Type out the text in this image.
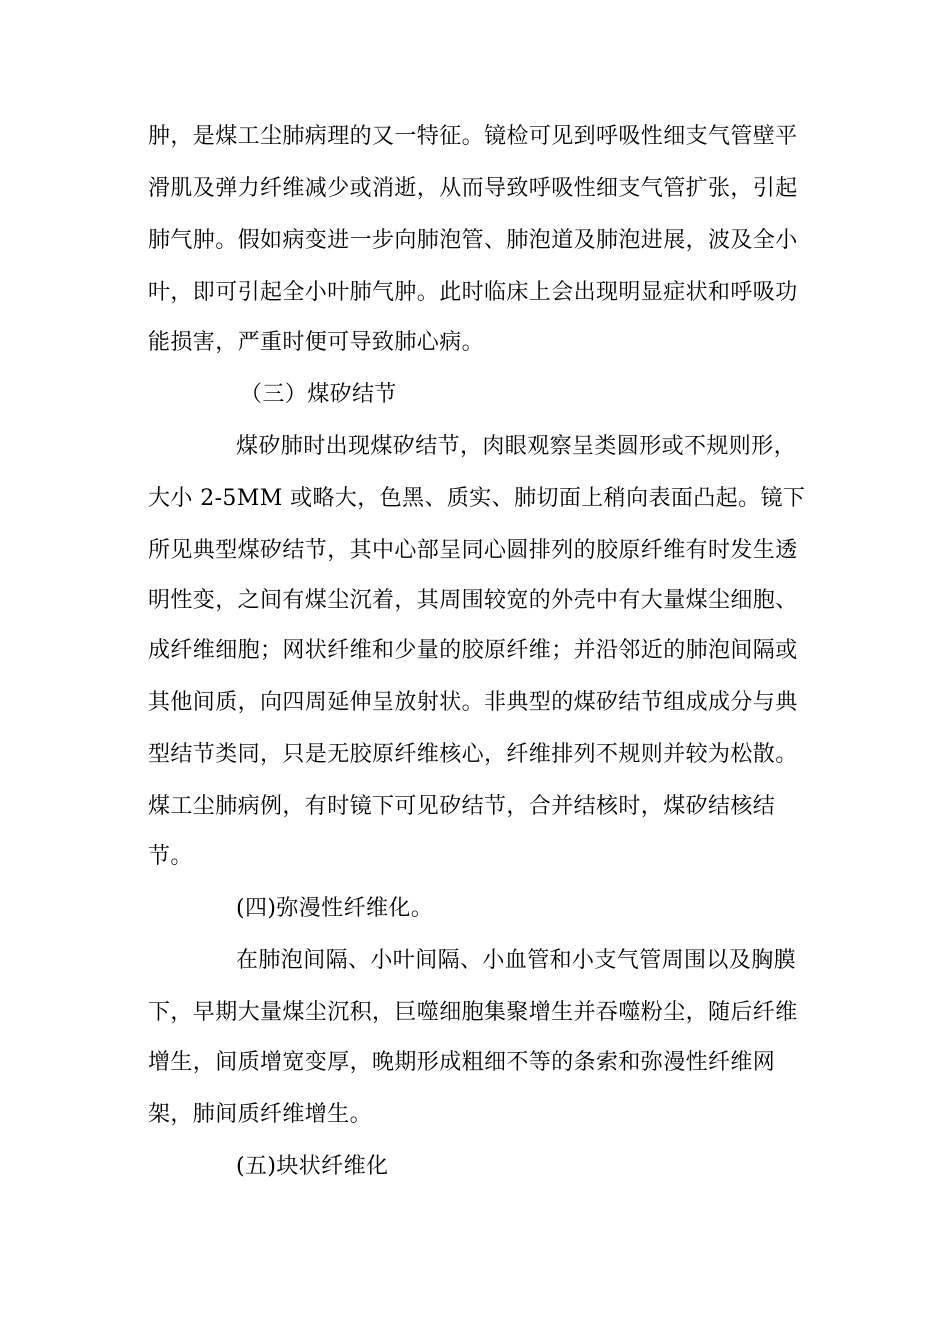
肿，是煤工尘肺病理的又一特征。镜检可见到呼吸性细支气管壁平
滑肌及弹力纤维减少或消逝，从而导致呼吸性细支气管扩张，引起
肺气肿。假如病变进一步向肺泡管、肺泡道及肺泡进展，波及全小
叶，即可引起全小叶肺气肿。此时临床上会出现明显症状和呼吸功
能损害，严重时便可导致肺心病。
（三）煤矽结节
煤矽肺时出现煤矽结节，肉眼观察呈类圆形或不规则形，
大小 2-5MM 或略大，色黑、质实、肺切面上稍向表面凸起。镜下
所见典型煤矽结节，其中心部呈同心圆排列的胶原纤维有时发生透
明性变，之间有煤尘沉着，其周围较宽的外壳中有大量煤尘细胞、
成纤维细胞；网状纤维和少量的胶原纤维；并沿邻近的肺泡间隔或
其他间质，向四周延伸呈放射状。非典型的煤矽结节组成成分与典
型结节类同，只是无胶原纤维核心，纤维排列不规则并较为松散。
煤工尘肺病例，有时镜下可见矽结节，合并结核时，煤矽结核结
节。
(四)弥漫性纤维化。
在肺泡间隔、小叶间隔、小血管和小支气管周围以及胸膜
下，早期大量煤尘沉积，巨噬细胞集聚增生并吞噬粉尘，随后纤维
增生，间质增宽变厚，晚期形成粗细不等的条索和弥漫性纤维网
架，肺间质纤维增生。
(五)块状纤维化
